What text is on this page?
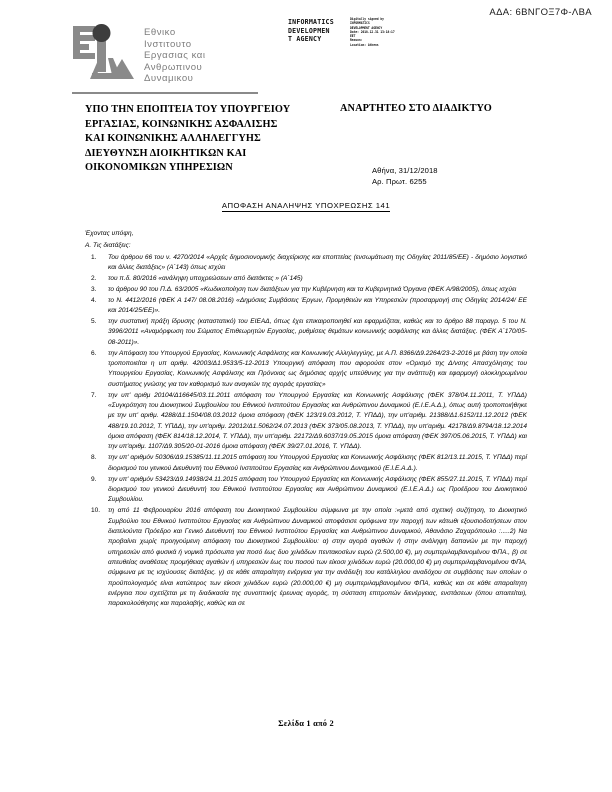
ΑΔΑ: 6ΒΝΓΟΞ7Φ-ΛΒΑ
Εθνικο
Ινστιτουτο
Εργασιας και
Ανθρωπινου
Δυναμικου
INFORMATICS
DEVELOPMEN
T AGENCY
Digitally signed by
INFORMATICS
DEVELOPMENT AGENCY
Date: 2018.12.31 13:18:17
EET
Reason:
Location: Athens
ΥΠΟ ΤΗΝ ΕΠΟΠΤΕΙΑ ΤΟΥ ΥΠΟΥΡΓΕΙΟΥ
ΕΡΓΑΣΙΑΣ, ΚΟΙΝΩΝΙΚΗΣ ΑΣΦΑΛΙΣΗΣ
ΚΑΙ ΚΟΙΝΩΝΙΚΗΣ ΑΛΛΗΛΕΓΓΥΗΣ
ΔΙΕΥΘΥΝΣΗ ΔΙΟΙΚΗΤΙΚΩΝ ΚΑΙ
ΟΙΚΟΝΟΜΙΚΩΝ ΥΠΗΡΕΣΙΩΝ
ΑΝΑΡΤΗΤΕΟ ΣΤΟ ΔΙΑΔΙΚΤΥΟ
Αθήνα, 31/12/2018
Αρ. Πρωτ. 6255
ΑΠΟΦΑΣΗ ΑΝΑΛΗΨΗΣ ΥΠΟΧΡΕΩΣΗΣ 141

Έχοντας υπόψη,

Α. Τις διατάξεις:

1. Του άρθρου 66 του ν. 4270/2014 «Αρχές δημοσιονομικής διαχείρισης και εποπτείας (ενσωμάτωση της Οδηγίας 2011/85/ΕΕ) - δημόσιο λογιστικό και άλλες διατάξεις» (Α΄143) όπως ισχύει
2. του π.δ. 80/2016 «ανάληψη υποχρεώσεων από διατάκτες » (Α΄145)
3. το άρθρου 90 του Π.Δ. 63/2005 «Κωδικοποίηση των διατάξεων για την Κυβέρνηση και τα Κυβερνητικά Όργανα (ΦΕΚ Α/98/2005), όπως ισχύει
4. το Ν. 4412/2016 (ΦΕΚ Α 147/ 08.08.2016) «Δημόσιες Συμβάσεις Έργων, Προμηθειών και Υπηρεσιών (προσαρμογή στις Οδηγίες 2014/24/ ΕΕ και 2014/25/ΕΕ)».
5. την συστατική πράξη ίδρυσης (καταστατικό) του ΕΙΕΑΔ, όπως έχει επικαιροποιηθεί και εφαρμόζεται, καθώς και το άρθρο 88 παραγρ. 5 του Ν. 3996/2011 «Αναμόρφωση του Σώματος Επιθεωρητών Εργασίας, ρυθμίσεις θεμάτων κοινωνικής ασφάλισης και άλλες διατάξεις. (ΦΕΚ Α΄170/05-08-2011)».
6. την Απόφαση του Υπουργού Εργασίας, Κοινωνικής Ασφάλισης και Κοινωνικής Αλληλεγγύης, με Α.Π. 8366/Δ9.2264/23-2-2016 με βάση την οποία τροποποιείται η υπ αριθμ. 42003/Δ1.9533/5-12-2013 Υπουργική απόφαση που αφορούσε στον «Ορισμό της Δ/νσης Απασχόλησης του Υπουργείου Εργασίας, Κοινωνικής Ασφάλισης και Πρόνοιας ως δημόσιας αρχής υπεύθυνης για την ανάπτυξη και εφαρμογή ολοκληρωμένου συστήματος γνώσης για τον καθορισμό των αναγκών της αγοράς εργασίας»
7. την υπ' αριθμ 20104/Δ16645/03.11.2011 απόφαση του Υπουργού Εργασίας και Κοινωνικής Ασφάλισης (ΦΕΚ 378/04.11.2011, Τ. ΥΠΔΔ) «Συγκρότηση του Διοικητικού Συμβουλίου του Εθνικού Ινστιτούτου Εργασίας και Ανθρώπινου Δυναμικού (Ε.Ι.Ε.Α.Δ.), όπως αυτή τροποποιήθηκε με την υπ' αριθμ. 4288/Δ1.1504/08.03.2012 όμοια απόφαση (ΦΕΚ 123/19.03.2012, Τ. ΥΠΔΔ), την υπ'αριθμ. 21388/Δ1.6152/11.12.2012 (ΦΕΚ 488/19.10.2012, Τ. ΥΠΔΔ), την υπ'αριθμ. 22012/Δ1.5062/24.07.2013 (ΦΕΚ 373/05.08.2013, Τ. ΥΠΔΔ), την υπ'αριθμ. 42178/Δ9.8794/18.12.2014 όμοια απόφαση (ΦΕΚ 814/18.12.2014, Τ. ΥΠΔΔ), την υπ'αριθμ. 22172/Δ9.6037/19.05.2015 όμοια απόφαση (ΦΕΚ 397/05.06.2015, Τ. ΥΠΔΔ) και την υπ'αριθμ. 1107/Δ9.305/20-01-2016 όμοια απόφαση (ΦΕΚ 39/27.01.2016, Τ. ΥΠΔΔ).
8. την υπ' αριθμόν 50306/Δ9.15385/11.11.2015 απόφαση του Υπουργού Εργασίας και Κοινωνικής Ασφάλισης (ΦΕΚ 812/13.11.2015, Τ. ΥΠΔΔ) περί διορισμού του γενικού Διευθυντή του Εθνικού Ινστιτούτου Εργασίας και Ανθρώπινου Δυναμικού (Ε.Ι.Ε.Α.Δ.).
9. την υπ' αριθμόν 53423/Δ9.14938/24.11.2015 απόφαση του Υπουργού Εργασίας και Κοινωνικής Ασφάλισης (ΦΕΚ 855/27.11.2015, Τ. ΥΠΔΔ) περί διορισμού του γενικού Διευθυντή του Εθνικού Ινστιτούτου Εργασίας και Ανθρώπινου Δυναμικού (Ε.Ι.Ε.Α.Δ.) ως Προέδρου του Διοικητικού Συμβουλίου.
10. τη από 11 Φεβρουαρίου 2016 απόφαση του Διοικητικού Συμβουλίου σύμφωνα με την οποία :«μετά από σχετική συζήτηση, το Διοικητικό Συμβούλιο του Εθνικού Ινστιτούτου Εργασίας και Ανθρώπινου Δυναμικού αποφάσισε ομόφωνα την παροχή των κάτωθι εξουσιοδοτήσεων στον διατελούντα Πρόεδρο και Γενικό Διευθυντή του Εθνικού Ινστιτούτου Εργασίας και Ανθρώπινου Δυναμικού, Αθανάσιο Ζαχαρόπουλο :.....2) Να προβαίνει χωρίς προηγούμενη απόφαση του Διοικητικού Συμβουλίου: α) στην αγορά αγαθών ή στην ανάληψη δαπανών με την παροχή υπηρεσιών από φυσικά ή νομικά πρόσωπα για ποσό έως δυο χιλιάδων πεντακοσίων ευρώ (2.500,00 €), μη συμπεριλαμβανομένου ΦΠΑ., β) σε απευθείας αναθέσεις προμήθειας αγαθών ή υπηρεσιών έως του ποσού των είκοσι χιλιάδων ευρώ (20.000,00 €) μη συμπεριλαμβανομένου ΦΠΑ, σύμφωνα με τις ισχύουσες διατάξεις. γ) σε κάθε απαραίτητη ενέργεια για την ανάδειξη του κατάλληλου αναδόχου σε συμβάσεις των οποίων ο προϋπολογισμός είναι κατώτερος των είκοσι χιλιάδων ευρώ (20.000,00 €) μη συμπεριλαμβανομένου ΦΠΑ, καθώς και σε κάθε απαραίτητη ενέργεια που σχετίζεται με τη διαδικασία της συνοπτικής έρευνας αγοράς, τη σύσταση επιτροπών διενέργειας, ενστάσεων (όπου απαιτείται), παρακολούθησης και παραλαβής, καθώς και σε
Σελίδα 1 από 2
